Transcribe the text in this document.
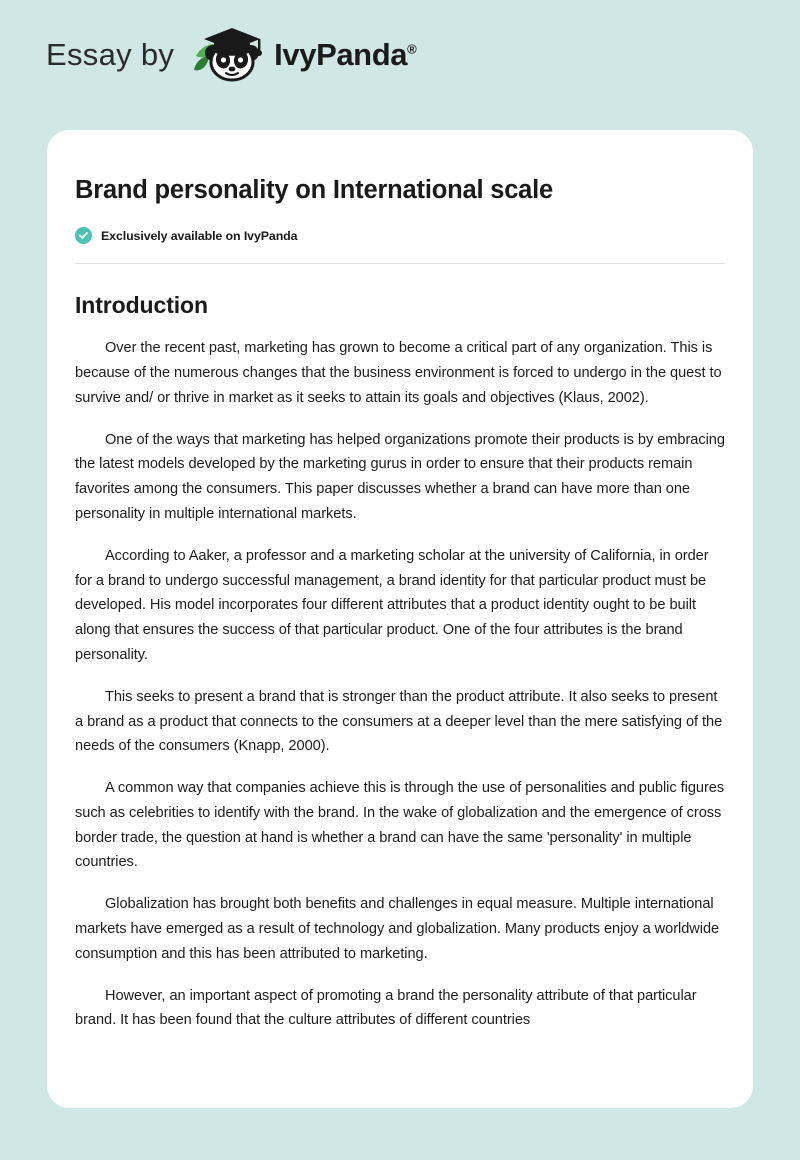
Essay by	IvyPanda®
Brand personality on International scale
Exclusively available on IvyPanda
Introduction

Over the recent past, marketing has grown to become a critical part of any organization. This is because of the numerous changes that the business environment is forced to undergo in the quest to survive and/ or thrive in market as it seeks to attain its goals and objectives (Klaus, 2002).

One of the ways that marketing has helped organizations promote their products is by embracing the latest models developed by the marketing gurus in order to ensure that their products remain favorites among the consumers. This paper discusses whether a brand can have more than one personality in multiple international markets.

According to Aaker, a professor and a marketing scholar at the university of California, in order for a brand to undergo successful management, a brand identity for that particular product must be developed. His model incorporates four different attributes that a product identity ought to be built along that ensures the success of that particular product. One of the four attributes is the brand personality.

This seeks to present a brand that is stronger than the product attribute. It also seeks to present a brand as a product that connects to the consumers at a deeper level than the mere satisfying of the needs of the consumers (Knapp, 2000).

A common way that companies achieve this is through the use of personalities and public figures such as celebrities to identify with the brand. In the wake of globalization and the emergence of cross border trade, the question at hand is whether a brand can have the same 'personality' in multiple countries.

Globalization has brought both benefits and challenges in equal measure. Multiple international markets have emerged as a result of technology and globalization. Many products enjoy a worldwide consumption and this has been attributed to marketing.

However, an important aspect of promoting a brand the personality attribute of that particular brand. It has been found that the culture attributes of different countries
